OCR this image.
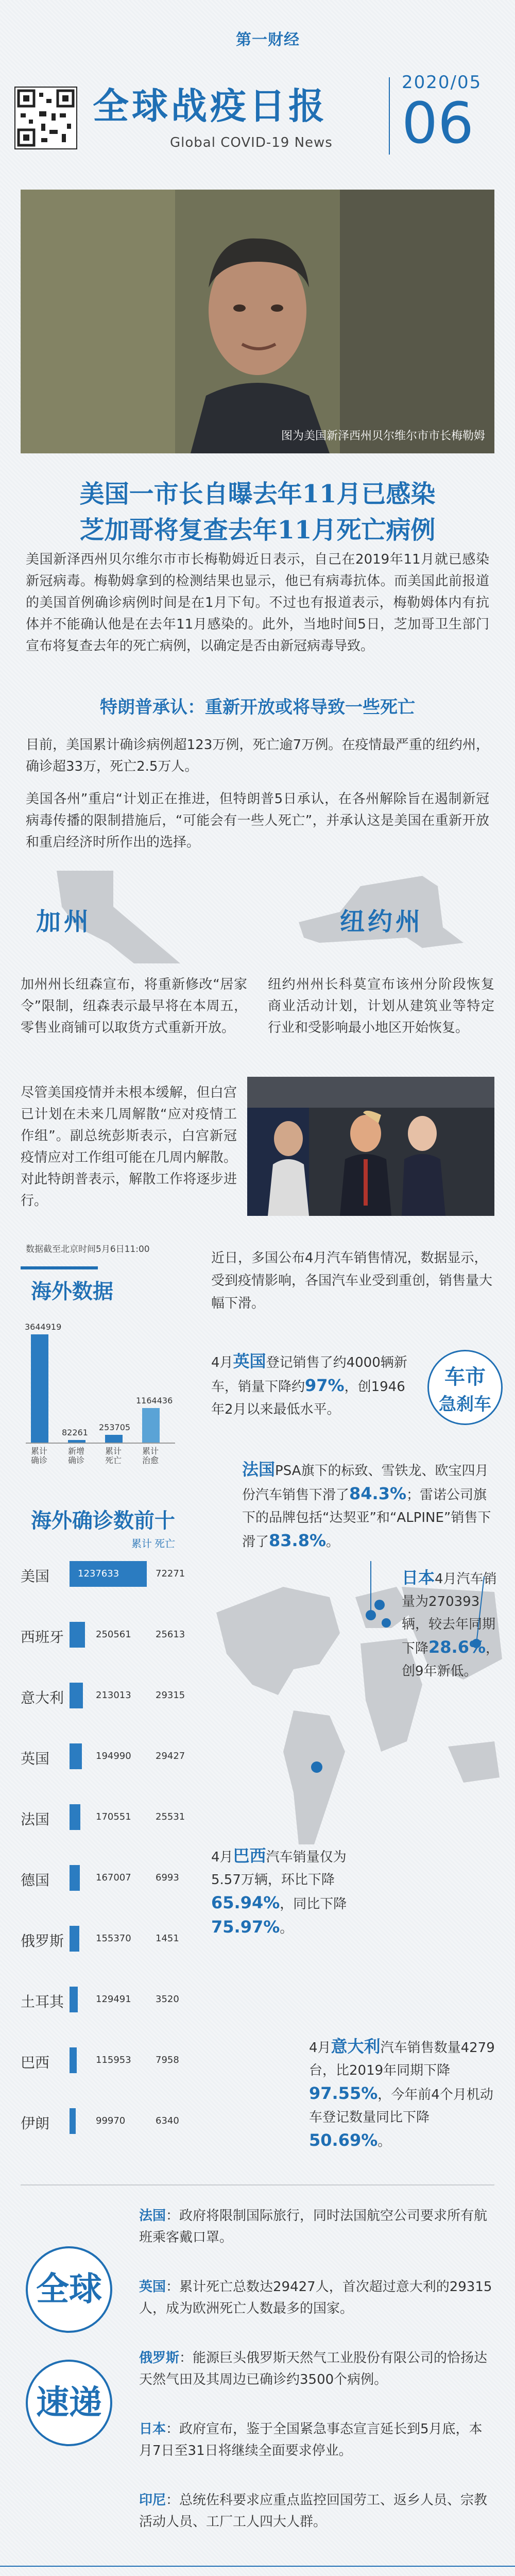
第一财经
全球战疫日报
Global COVID-19 News
2020/05
06
图为美国新泽西州贝尔维尔市市长梅勒姆
美国一市长自曝去年11月已感染
芝加哥将复查去年11月死亡病例
美国新泽西州贝尔维尔市市长梅勒姆近日表示，自己在2019年11月就已感染新冠病毒。梅勒姆拿到的检测结果也显示，他已有病毒抗体。而美国此前报道的美国首例确诊病例时间是在1月下旬。不过也有报道表示，梅勒姆体内有抗体并不能确认他是在去年11月感染的。此外，当地时间5日，芝加哥卫生部门宣布将复查去年的死亡病例，以确定是否由新冠病毒导致。
特朗普承认：重新开放或将导致一些死亡
目前，美国累计确诊病例超123万例，死亡逾7万例。在疫情最严重的纽约州，确诊超33万，死亡2.5万人。
美国各州”重启“计划正在推进，但特朗普5日承认，在各州解除旨在遏制新冠病毒传播的限制措施后，“可能会有一些人死亡”，并承认这是美国在重新开放和重启经济时所作出的选择。
加州	纽约州
加州州长纽森宣布，将重新修改“居家令”限制，纽森表示最早将在本周五，零售业商铺可以取货方式重新开放。
纽约州州长科莫宣布该州分阶段恢复商业活动计划，计划从建筑业等特定行业和受影响最小地区开始恢复。
尽管美国疫情并未根本缓解，但白宫已计划在未来几周解散“应对疫情工作组”。副总统彭斯表示，白宫新冠疫情应对工作组可能在几周内解散。对此特朗普表示，解散工作将逐步进行。
数据截至北京时间5月6日11:00
海外数据
3644919
累计确诊
82261
新增确诊
253705
累计死亡
1164436
累计治愈
海外确诊数前十
累计 死亡
美国	1237633	72271
西班牙	250561	25613
意大利	213013	29315
英国	194990	29427
法国	170551	25531
德国	167007	6993
俄罗斯	155370	1451
土耳其	129491	3520
巴西	115953	7958
伊朗	99970	6340
近日，多国公布4月汽车销售情况，数据显示，受到疫情影响，各国汽车业受到重创，销售量大幅下滑。
车市
急刹车
4月英国登记销售了约4000辆新车，销量下降约97%，创1946年2月以来最低水平。
法国PSA旗下的标致、雪铁龙、欧宝四月份汽车销售下滑了84.3%；雷诺公司旗下的品牌包括“达契亚”和“ALPINE”销售下滑了83.8%。
日本4月汽车销量为270393辆，较去年同期下降28.6%，创9年新低。
4月巴西汽车销量仅为5.57万辆，环比下降65.94%，同比下降75.97%。
4月意大利汽车销售数量4279台，比2019年同期下降97.55%，今年前4个月机动车登记数量同比下降50.69%。
全球
速递
法国：政府将限制国际旅行，同时法国航空公司要求所有航班乘客戴口罩。
英国：累计死亡总数达29427人，首次超过意大利的29315人，成为欧洲死亡人数最多的国家。
俄罗斯：能源巨头俄罗斯天然气工业股份有限公司的恰扬达天然气田及其周边已确诊约3500个病例。
日本：政府宣布，鉴于全国紧急事态宣言延长到5月底，本月7日至31日将继续全面要求停业。
印尼：总统佐科要求应重点监控回国劳工、返乡人员、宗教活动人员、工厂工人四大人群。
